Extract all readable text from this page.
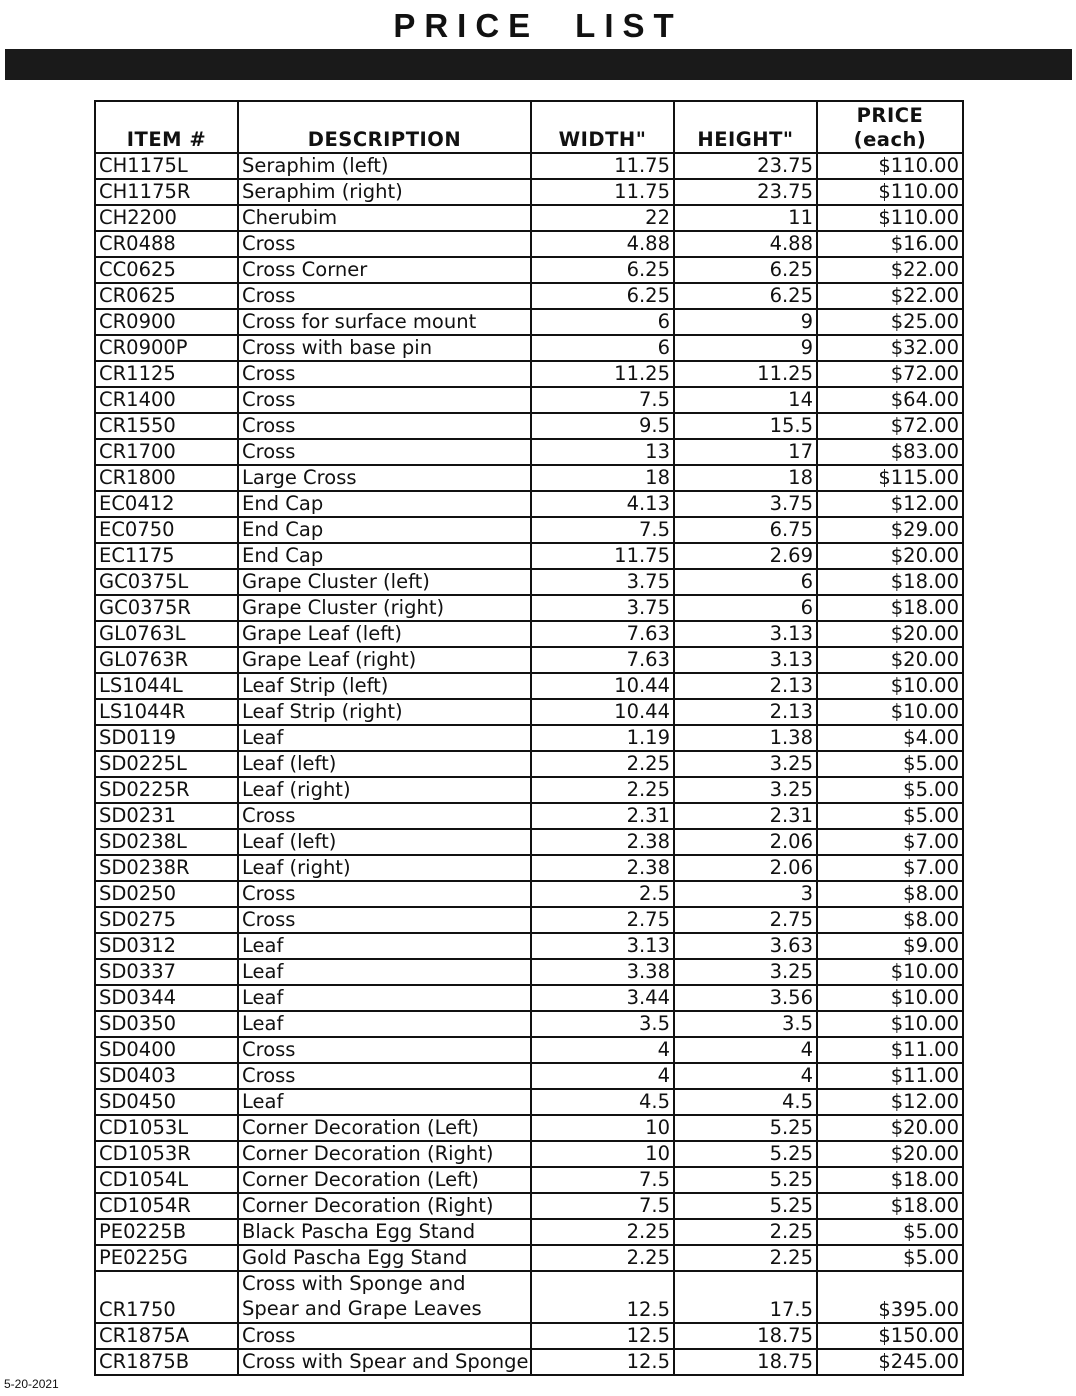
PRICE LIST
ITEM #	DESCRIPTION	WIDTH"	HEIGHT"	PRICE
(each)
CH1175L	Seraphim (left)	11.75	23.75	$110.00
CH1175R	Seraphim (right)	11.75	23.75	$110.00
CH2200	Cherubim	22	11	$110.00
CR0488	Cross	4.88	4.88	$16.00
CC0625	Cross Corner	6.25	6.25	$22.00
CR0625	Cross	6.25	6.25	$22.00
CR0900	Cross for surface mount	6	9	$25.00
CR0900P	Cross with base pin	6	9	$32.00
CR1125	Cross	11.25	11.25	$72.00
CR1400	Cross	7.5	14	$64.00
CR1550	Cross	9.5	15.5	$72.00
CR1700	Cross	13	17	$83.00
CR1800	Large Cross	18	18	$115.00
EC0412	End Cap	4.13	3.75	$12.00
EC0750	End Cap	7.5	6.75	$29.00
EC1175	End Cap	11.75	2.69	$20.00
GC0375L	Grape Cluster (left)	3.75	6	$18.00
GC0375R	Grape Cluster (right)	3.75	6	$18.00
GL0763L	Grape Leaf (left)	7.63	3.13	$20.00
GL0763R	Grape Leaf (right)	7.63	3.13	$20.00
LS1044L	Leaf Strip (left)	10.44	2.13	$10.00
LS1044R	Leaf Strip (right)	10.44	2.13	$10.00
SD0119	Leaf	1.19	1.38	$4.00
SD0225L	Leaf (left)	2.25	3.25	$5.00
SD0225R	Leaf (right)	2.25	3.25	$5.00
SD0231	Cross	2.31	2.31	$5.00
SD0238L	Leaf (left)	2.38	2.06	$7.00
SD0238R	Leaf (right)	2.38	2.06	$7.00
SD0250	Cross	2.5	3	$8.00
SD0275	Cross	2.75	2.75	$8.00
SD0312	Leaf	3.13	3.63	$9.00
SD0337	Leaf	3.38	3.25	$10.00
SD0344	Leaf	3.44	3.56	$10.00
SD0350	Leaf	3.5	3.5	$10.00
SD0400	Cross	4	4	$11.00
SD0403	Cross	4	4	$11.00
SD0450	Leaf	4.5	4.5	$12.00
CD1053L	Corner Decoration (Left)	10	5.25	$20.00
CD1053R	Corner Decoration (Right)	10	5.25	$20.00
CD1054L	Corner Decoration (Left)	7.5	5.25	$18.00
CD1054R	Corner Decoration (Right)	7.5	5.25	$18.00
PE0225B	Black Pascha Egg Stand	2.25	2.25	$5.00
PE0225G	Gold Pascha Egg Stand	2.25	2.25	$5.00
CR1750	Cross with Sponge and Spear and Grape Leaves	12.5	17.5	$395.00
CR1875A	Cross	12.5	18.75	$150.00
CR1875B	Cross with Spear and Sponge	12.5	18.75	$245.00
5-20-2021
